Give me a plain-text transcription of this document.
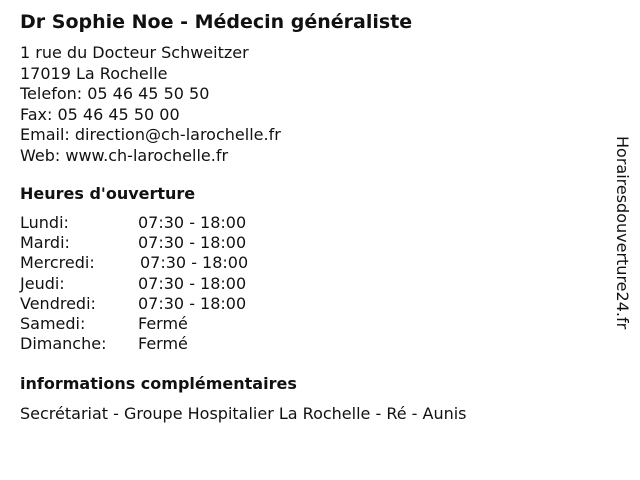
Dr Sophie Noe - Médecin généraliste
1 rue du Docteur Schweitzer
17019 La Rochelle
Telefon: 05 46 45 50 50
Fax: 05 46 45 50 00
Email: direction@ch-larochelle.fr
Web: www.ch-larochelle.fr
Heures d'ouverture
Lundi:	07:30 - 18:00
Mardi:	07:30 - 18:00
Mercredi:	07:30 - 18:00
Jeudi:	07:30 - 18:00
Vendredi:	07:30 - 18:00
Samedi:	Fermé
Dimanche: Fermé
informations complémentaires
Secrétariat - Groupe Hospitalier La Rochelle - Ré - Aunis
Horairesdouverture24.fr
